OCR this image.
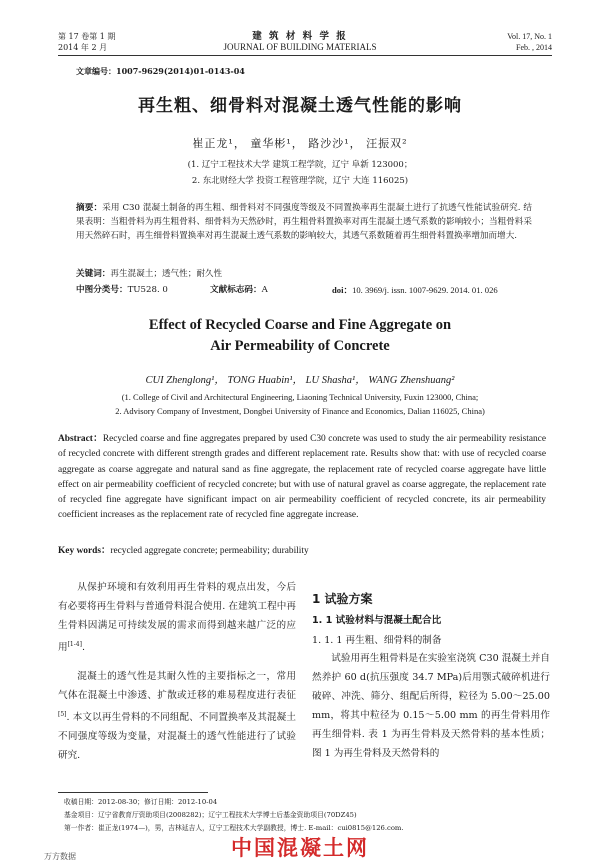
第 17 卷第 1 期
2014 年 2 月
建 筑 材 料 学 报
JOURNAL OF BUILDING MATERIALS
Vol. 17, No. 1
Feb. , 2014
文章编号：1007-9629(2014)01-0143-04
再生粗、细骨料对混凝土透气性能的影响
崔正龙¹， 童华彬¹， 路沙沙¹， 汪振双²
(1. 辽宁工程技术大学 建筑工程学院，辽宁 阜新 123000；
2. 东北财经大学 投资工程管理学院，辽宁 大连 116025)
摘要：采用 C30 混凝土制备的再生粗、细骨料对不同强度等级及不同置换率再生混凝土进行了抗透气性能试验研究. 结果表明：当粗骨料为再生粗骨料、细骨料为天然砂时，再生粗骨料置换率对再生混凝土透气系数的影响较小；当粗骨料采用天然碎石时，再生细骨料置换率对再生混凝土透气系数的影响较大，其透气系数随着再生细骨料置换率增加而增大.
关键词：再生混凝土；透气性；耐久性
中图分类号：TU528. 0	文献标志码：A	doi：10. 3969/j. issn. 1007-9629. 2014. 01. 026
Effect of Recycled Coarse and Fine Aggregate on
Air Permeability of Concrete
CUI Zhenglong¹， TONG Huabin¹， LU Shasha¹， WANG Zhenshuang²
(1. College of Civil and Architectural Engineering, Liaoning Technical University, Fuxin 123000, China;
2. Advisory Company of Investment, Dongbei University of Finance and Economics, Dalian 116025, China)
Abstract：Recycled coarse and fine aggregates prepared by used C30 concrete was used to study the air permeability resistance of recycled concrete with different strength grades and different replacement rate. Results show that: with use of recycled coarse aggregate as coarse aggregate and natural sand as fine aggregate, the replacement rate of recycled coarse aggregate have little effect on air permeability coefficient of recycled concrete; but with use of natural gravel as coarse aggregate, the replacement rate of recycled fine aggregate have significant impact on air permeability coefficient of recycled concrete, its air permeability coefficient increases as the replacement rate of recycled fine aggregate increase.
Key words：recycled aggregate concrete; permeability; durability

从保护环境和有效利用再生骨料的观点出发，今后有必要将再生骨料与普通骨料混合使用. 在建筑工程中再生骨料因满足可持续发展的需求而得到越来越广泛的应用[1-4].

混凝土的透气性是其耐久性的主要指标之一，常用气体在混凝土中渗透、扩散或迁移的难易程度进行表征[5]. 本文以再生骨料的不同组配、不同置换率及其混凝土不同强度等级为变量，对混凝土的透气性能进行了试验研究.

1 试验方案
1. 1 试验材料与混凝土配合比
1. 1. 1 再生粗、细骨料的制备

试验用再生粗骨料是在实验室浇筑 C30 混凝土并自然养护 60 d(抗压强度 34.7 MPa)后用颚式破碎机进行破碎、冲洗、筛分、组配后所得，粒径为 5.00～25.00 mm，将其中粒径为 0.15～5.00 mm 的再生骨料用作再生细骨料. 表 1 为再生骨料及天然骨料的基本性质；图 1 为再生骨料及天然骨料的

收稿日期：2012-08-30；修订日期：2012-10-04
基金项目：辽宁省教育厅资助项目(2008282)；辽宁工程技术大学博士后基金资助项目(70DZ45)
第一作者：崔正龙(1974—)，男，吉林延吉人，辽宁工程技术大学副教授，博士. E-mail：cui0815@126.com.
中国混凝土网
万方数据
